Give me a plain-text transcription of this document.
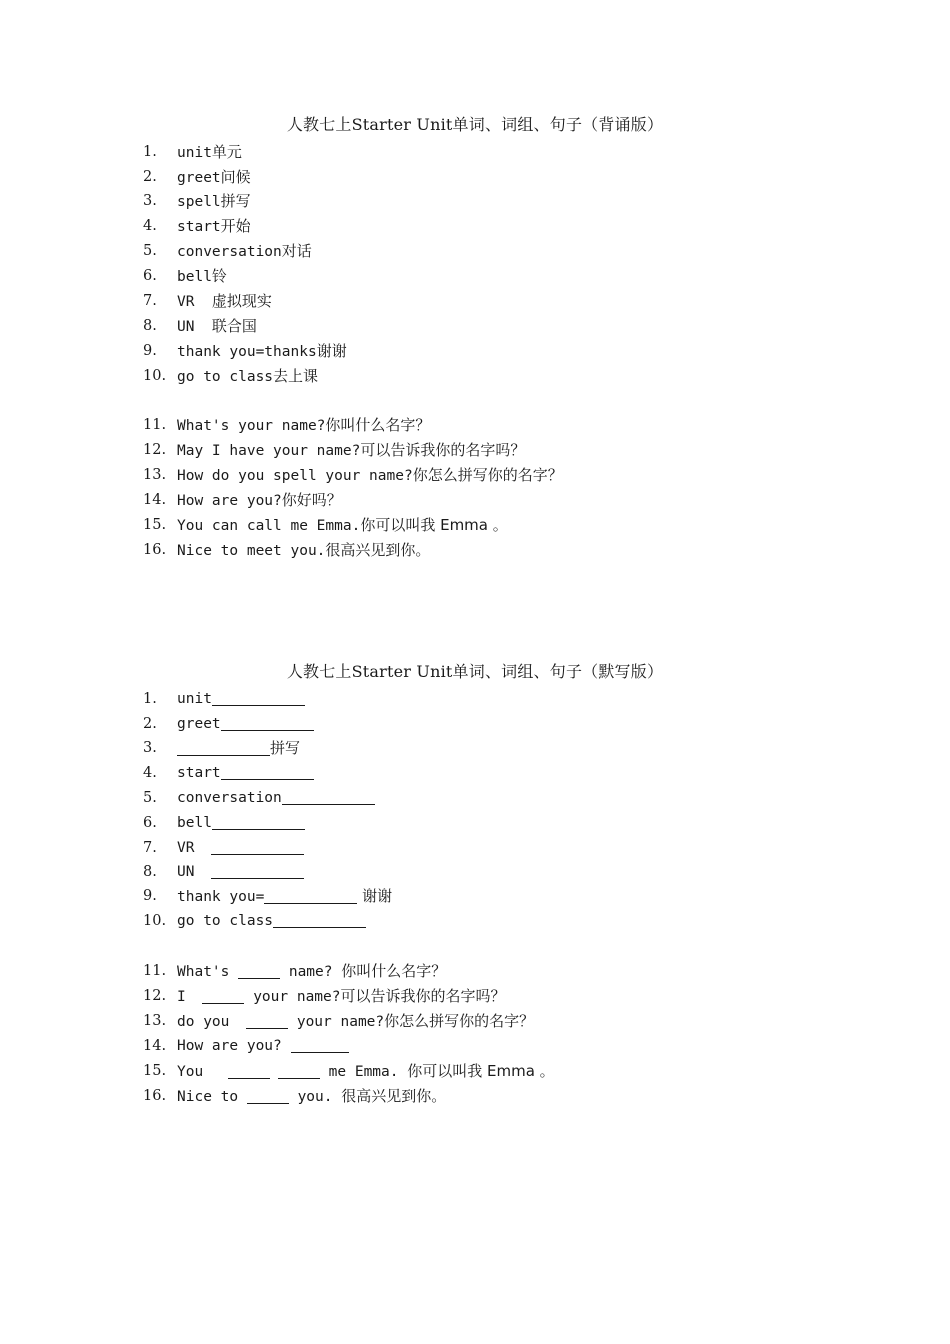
人教七上Starter Unit单词、词组、句子（背诵版）
1.	unit单元
2.	greet问候
3.	spell拼写
4.	start开始
5.	conversation对话
6.	bell铃
7.	VR  虚拟现实
8.	UN  联合国
9.	thank you=thanks谢谢
10. go to class去上课
11. What's your name?你叫什么名字？
12. May I have your name?可以告诉我你的名字吗？
13. How do you spell your name?你怎么拼写你的名字？
14. How are you?你好吗？
15. You can call me Emma.你可以叫我 Emma 。
16. Nice to meet you.很高兴见到你。
人教七上Starter Unit单词、词组、句子（默写版）
1.	unit
2.	greet
3.	拼写
4.	start
5.	conversation
6.	bell
7.	VR
8.	UN
9.	thank you=	谢谢
10. go to class
11. What's	name? 你叫什么名字？
12. I	your name?可以告诉我你的名字吗？
13. do you	your name?你怎么拼写你的名字？
14. How are you?
15. You	me Emma. 你可以叫我 Emma 。
16. Nice to	you. 很高兴见到你。
